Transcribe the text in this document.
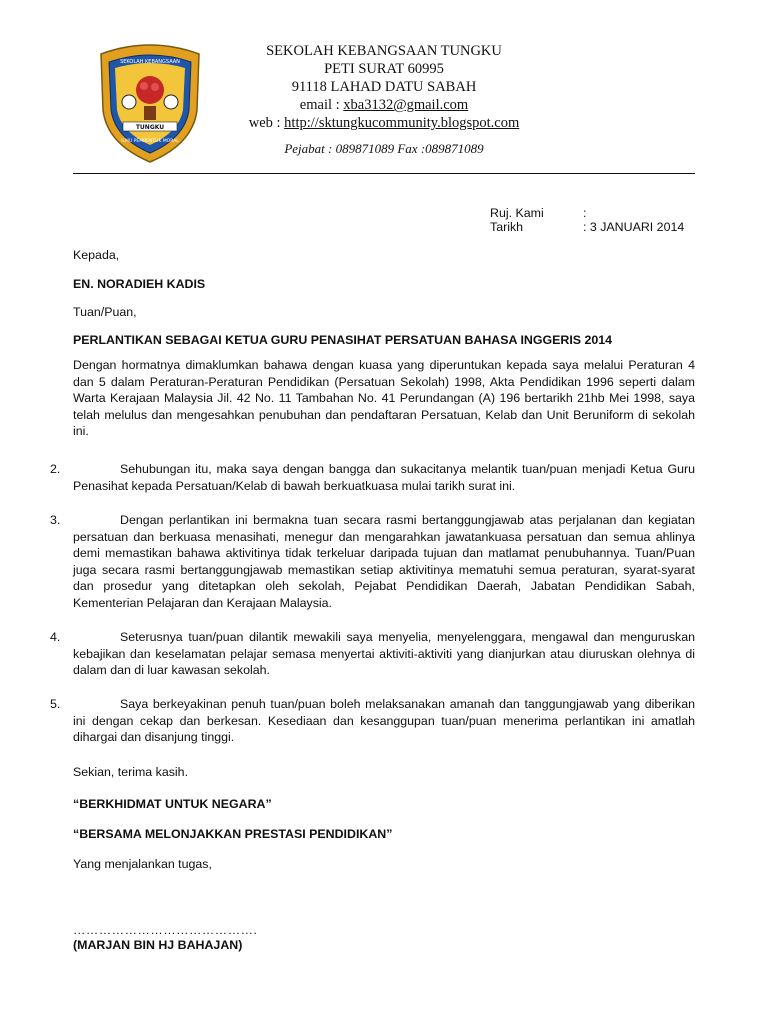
SEKOLAH KEBANGSAAN
TUNGKU
ILMU PEMBENTUK MORAL
SEKOLAH KEBANGSAAN TUNGKU
PETI SURAT 60995
91118 LAHAD DATU SABAH
email : xba3132@gmail.com
web : http://sktungkucommunity.blogspot.com
Pejabat : 089871089 Fax :089871089
Ruj. Kami	:
Tarikh	: 3 JANUARI 2014
Kepada,
EN. NORADIEH KADIS
Tuan/Puan,
PERLANTIKAN SEBAGAI KETUA GURU PENASIHAT PERSATUAN BAHASA INGGERIS 2014
Dengan hormatnya dimaklumkan bahawa dengan kuasa yang diperuntukan kepada saya melalui Peraturan 4 dan 5 dalam Peraturan-Peraturan Pendidikan (Persatuan Sekolah) 1998, Akta Pendidikan 1996 seperti dalam Warta Kerajaan Malaysia Jil. 42 No. 11 Tambahan No. 41 Perundangan (A) 196 bertarikh 21hb Mei 1998, saya telah melulus dan mengesahkan penubuhan dan pendaftaran Persatuan, Kelab dan Unit Beruniform di sekolah ini.
2.	Sehubungan itu, maka saya dengan bangga dan sukacitanya melantik tuan/puan menjadi Ketua Guru Penasihat kepada Persatuan/Kelab di bawah berkuatkuasa mulai tarikh surat ini.
3.	Dengan perlantikan ini bermakna tuan secara rasmi bertanggungjawab atas perjalanan dan kegiatan persatuan dan berkuasa menasihati, menegur dan mengarahkan jawatankuasa persatuan dan semua ahlinya demi memastikan bahawa aktivitinya tidak terkeluar daripada tujuan dan matlamat penubuhannya. Tuan/Puan juga secara rasmi bertanggungjawab memastikan setiap aktivitinya mematuhi semua peraturan, syarat-syarat dan prosedur yang ditetapkan oleh sekolah, Pejabat Pendidikan Daerah, Jabatan Pendidikan Sabah, Kementerian Pelajaran dan Kerajaan Malaysia.
4.	Seterusnya tuan/puan dilantik mewakili saya menyelia, menyelenggara, mengawal dan menguruskan kebajikan dan keselamatan pelajar semasa menyertai aktiviti-aktiviti yang dianjurkan atau diuruskan olehnya di dalam dan di luar kawasan sekolah.
5.	Saya berkeyakinan penuh tuan/puan boleh melaksanakan amanah dan tanggungjawab yang diberikan ini dengan cekap dan berkesan. Kesediaan dan kesanggupan tuan/puan menerima perlantikan ini amatlah dihargai dan disanjung tinggi.
Sekian, terima kasih.
“BERKHIDMAT UNTUK NEGARA”
“BERSAMA MELONJAKKAN PRESTASI PENDIDIKAN”
Yang menjalankan tugas,
…………………………………….
(MARJAN BIN HJ BAHAJAN)
